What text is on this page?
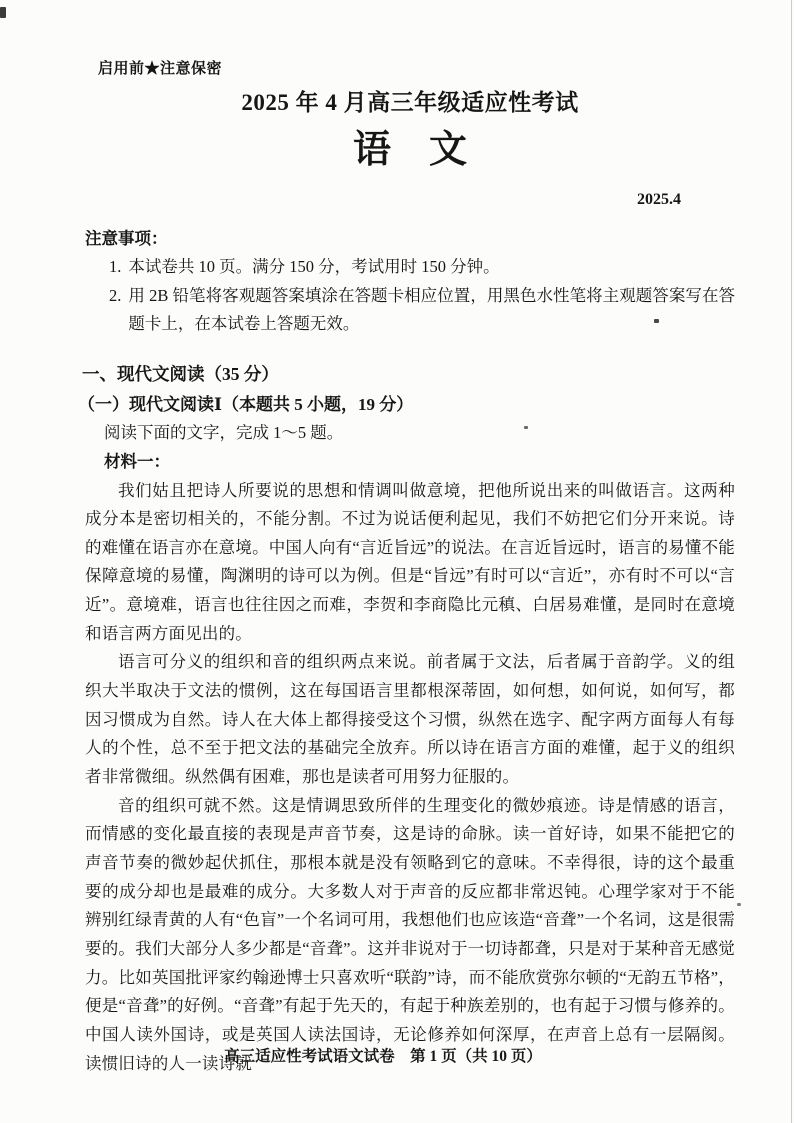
启用前★注意保密
2025 年 4 月高三年级适应性考试
语　文
2025.4
注意事项：
1. 本试卷共 10 页。满分 150 分，考试用时 150 分钟。
2. 用 2B 铅笔将客观题答案填涂在答题卡相应位置，用黑色水性笔将主观题答案写在答题卡上，在本试卷上答题无效。
一、现代文阅读（35 分）
（一）现代文阅读Ⅰ（本题共 5 小题，19 分）
阅读下面的文字，完成 1～5 题。
材料一：

我们姑且把诗人所要说的思想和情调叫做意境，把他所说出来的叫做语言。这两种成分本是密切相关的，不能分割。不过为说话便利起见，我们不妨把它们分开来说。诗的难懂在语言亦在意境。中国人向有“言近旨远”的说法。在言近旨远时，语言的易懂不能保障意境的易懂，陶渊明的诗可以为例。但是“旨远”有时可以“言近”，亦有时不可以“言近”。意境难，语言也往往因之而难，李贺和李商隐比元稹、白居易难懂，是同时在意境和语言两方面见出的。

语言可分义的组织和音的组织两点来说。前者属于文法，后者属于音韵学。义的组织大半取决于文法的惯例，这在每国语言里都根深蒂固，如何想，如何说，如何写，都因习惯成为自然。诗人在大体上都得接受这个习惯，纵然在选字、配字两方面每人有每人的个性，总不至于把文法的基础完全放弃。所以诗在语言方面的难懂，起于义的组织者非常微细。纵然偶有困难，那也是读者可用努力征服的。

音的组织可就不然。这是情调思致所伴的生理变化的微妙痕迹。诗是情感的语言，而情感的变化最直接的表现是声音节奏，这是诗的命脉。读一首好诗，如果不能把它的声音节奏的微妙起伏抓住，那根本就是没有领略到它的意味。不幸得很，诗的这个最重要的成分却也是最难的成分。大多数人对于声音的反应都非常迟钝。心理学家对于不能辨别红绿青黄的人有“色盲”一个名词可用，我想他们也应该造“音聋”一个名词，这是很需要的。我们大部分人多少都是“音聋”。这并非说对于一切诗都聋，只是对于某种音无感觉力。比如英国批评家约翰逊博士只喜欢听“联韵”诗，而不能欣赏弥尔顿的“无韵五节格”，便是“音聋”的好例。“音聋”有起于先天的，有起于种族差别的，也有起于习惯与修养的。中国人读外国诗，或是英国人读法国诗，无论修养如何深厚，在声音上总有一层隔阂。读惯旧诗的人一读诗就

高三适应性考试语文试卷　第 1 页（共 10 页）
